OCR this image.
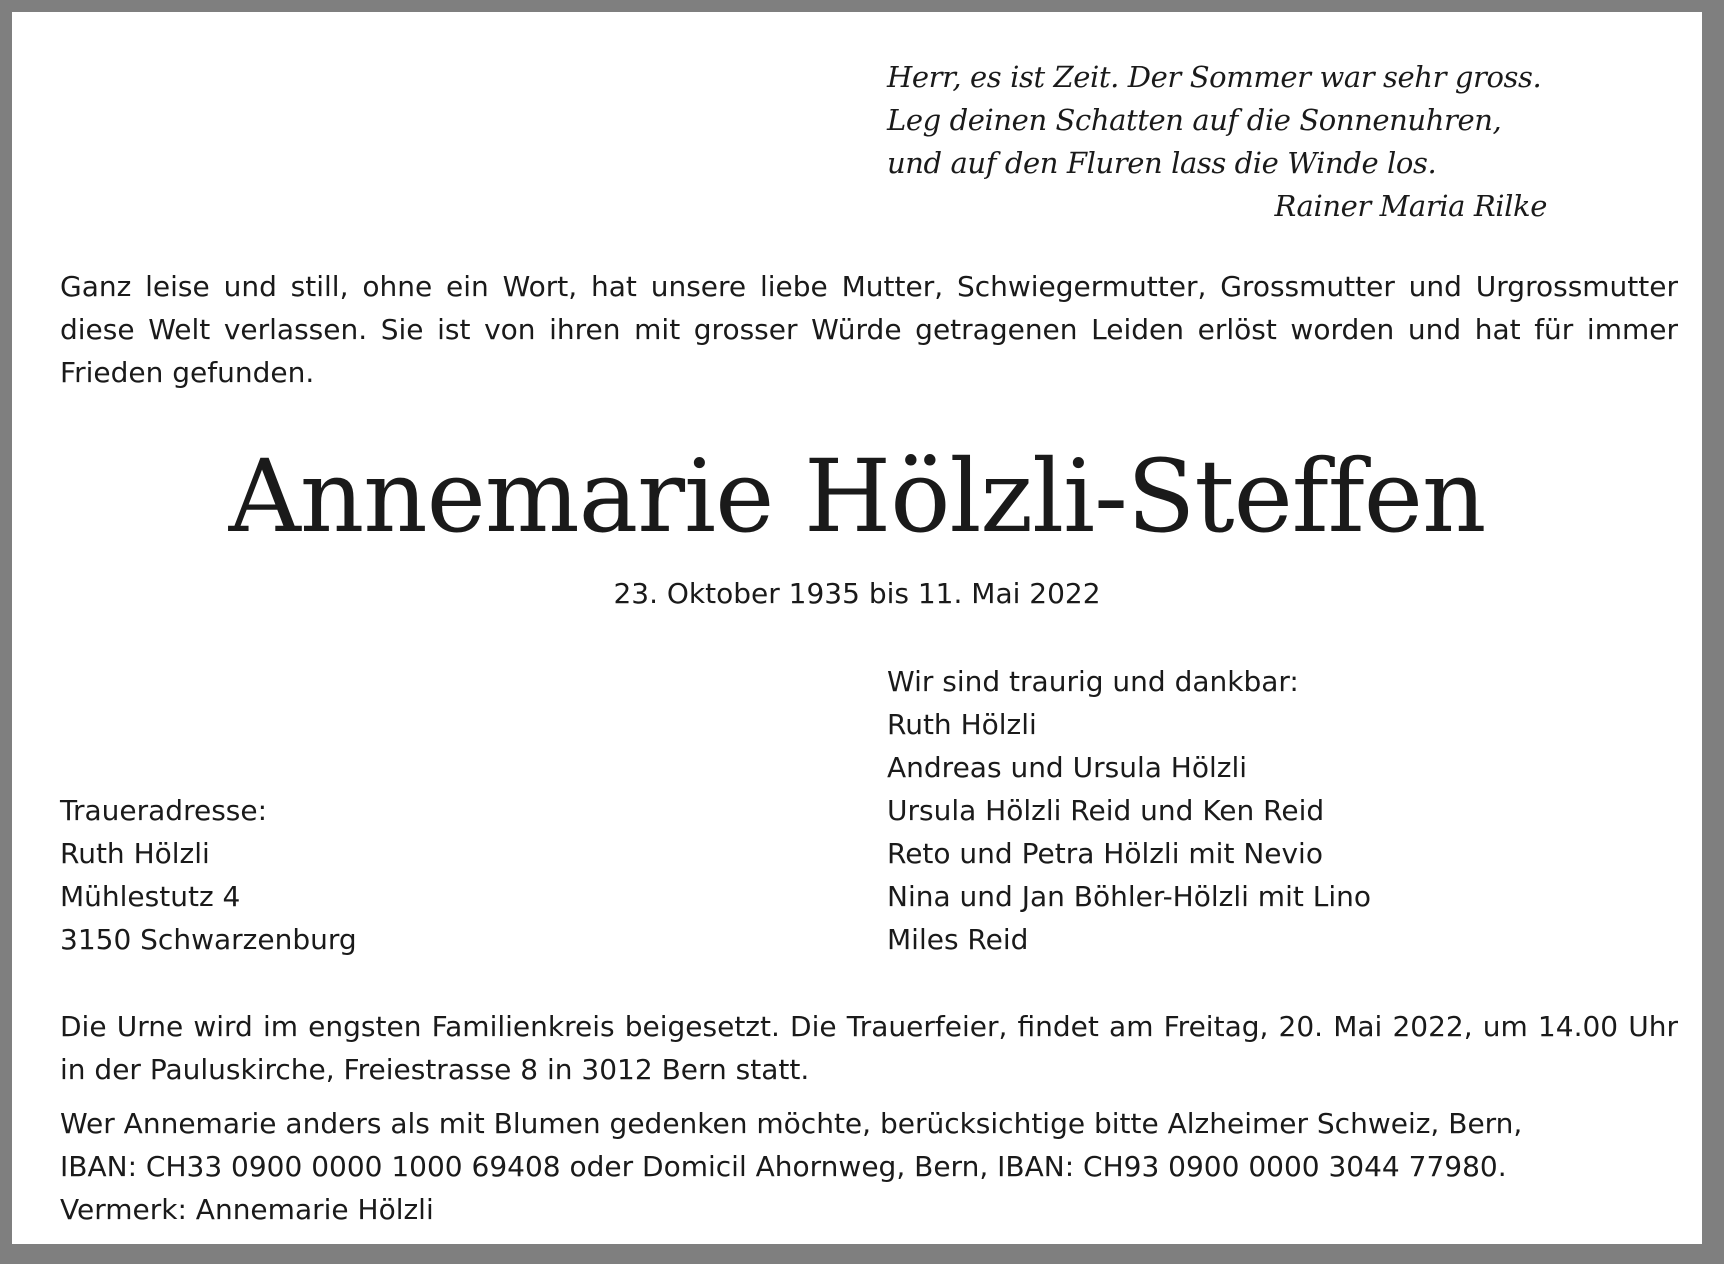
Herr, es ist Zeit. Der Sommer war sehr gross.
Leg deinen Schatten auf die Sonnenuhren,
und auf den Fluren lass die Winde los.
Rainer Maria Rilke
Ganz leise und still, ohne ein Wort, hat unsere liebe Mutter, Schwiegermutter, Grossmutter und Urgrossmutter diese Welt verlassen. Sie ist von ihren mit grosser Würde getragenen Leiden erlöst worden und hat für immer Frieden gefunden.
Annemarie Hölzli-Steffen
23. Oktober 1935 bis 11. Mai 2022
Wir sind traurig und dankbar:
Ruth Hölzli
Andreas und Ursula Hölzli
Ursula Hölzli Reid und Ken Reid
Reto und Petra Hölzli mit Nevio
Nina und Jan Böhler-Hölzli mit Lino
Miles Reid
Traueradresse:
Ruth Hölzli
Mühlestutz 4
3150 Schwarzenburg
Die Urne wird im engsten Familienkreis beigesetzt. Die Trauerfeier, findet am Freitag, 20. Mai 2022, um 14.00 Uhr in der Pauluskirche, Freiestrasse 8 in 3012 Bern statt.
Wer Annemarie anders als mit Blumen gedenken möchte, berücksichtige bitte Alzheimer Schweiz, Bern,
IBAN: CH33 0900 0000 1000 69408 oder Domicil Ahornweg, Bern, IBAN: CH93 0900 0000 3044 77980.
Vermerk: Annemarie Hölzli
